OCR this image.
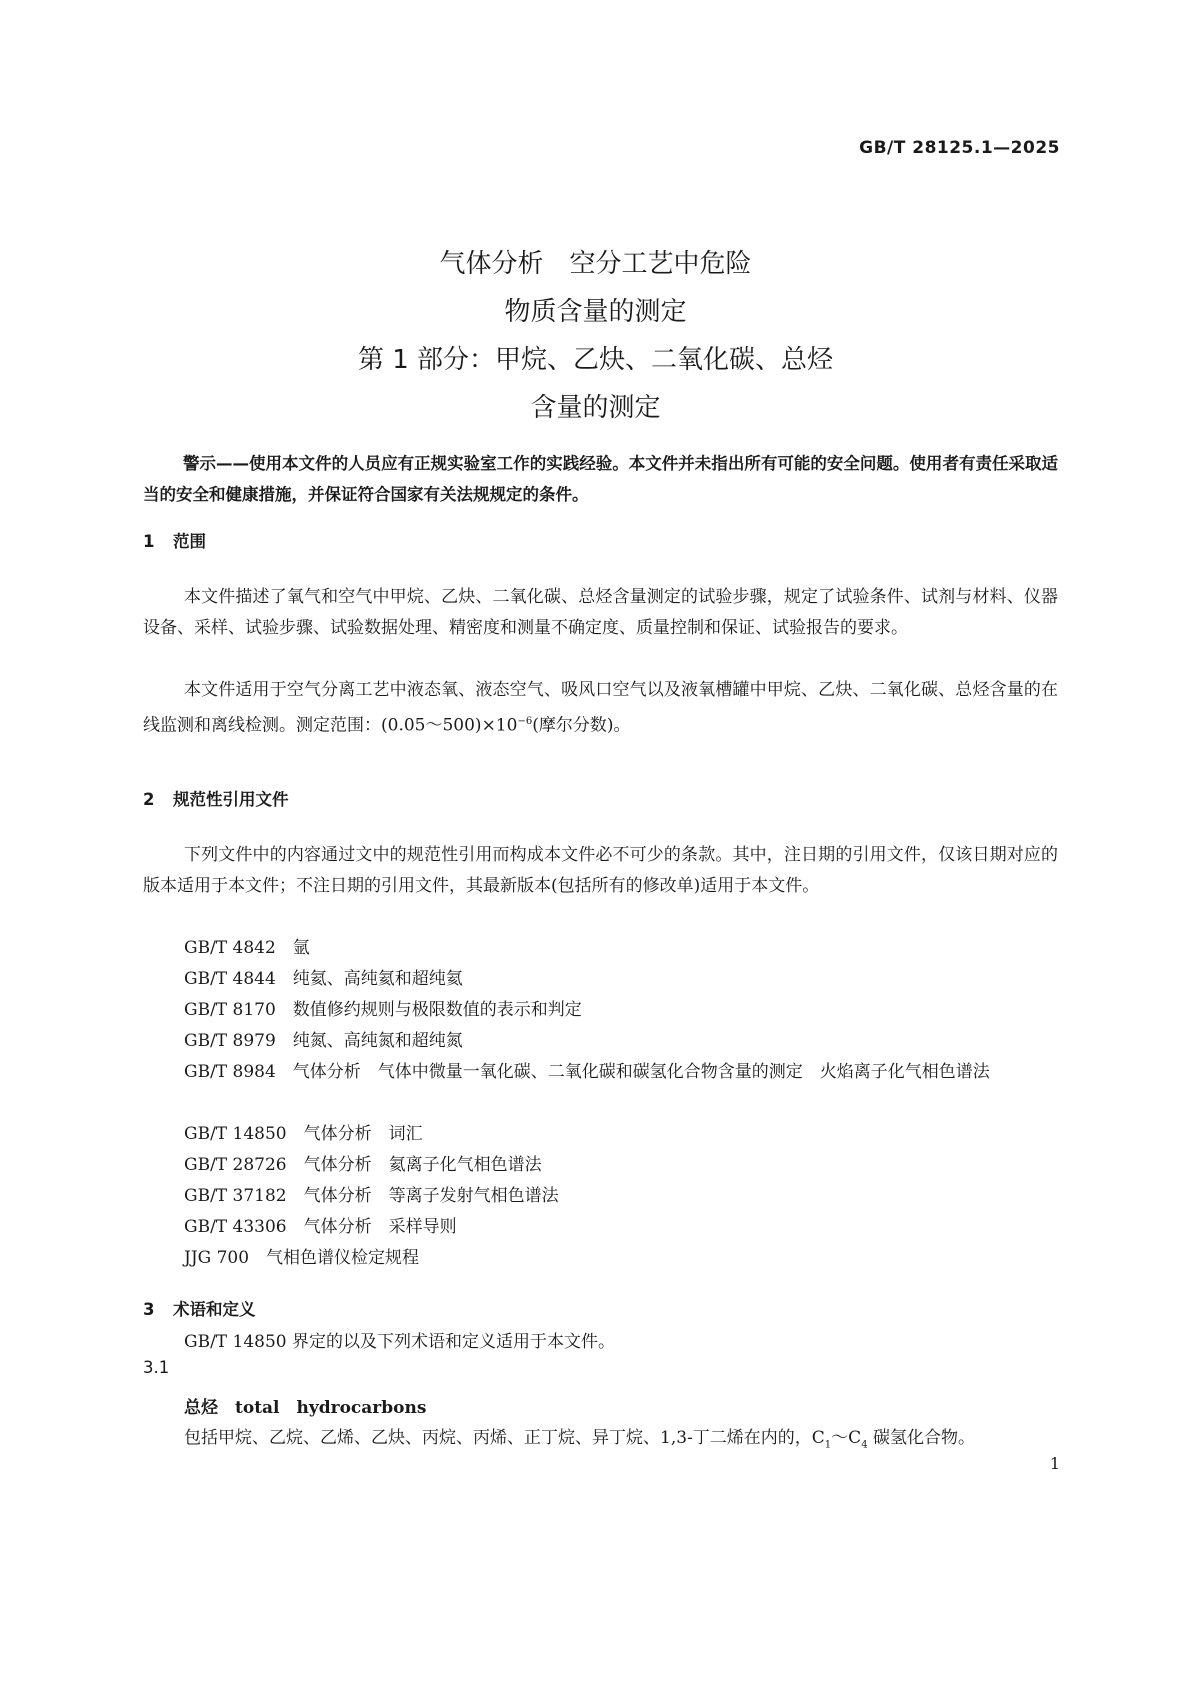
GB/T 28125.1—2025
气体分析　空分工艺中危险
物质含量的测定
第 1 部分：甲烷、乙炔、二氧化碳、总烃
含量的测定
警示——使用本文件的人员应有正规实验室工作的实践经验。本文件并未指出所有可能的安全问题。使用者有责任采取适当的安全和健康措施，并保证符合国家有关法规规定的条件。
1 范围
本文件描述了氧气和空气中甲烷、乙炔、二氧化碳、总烃含量测定的试验步骤，规定了试验条件、试剂与材料、仪器设备、采样、试验步骤、试验数据处理、精密度和测量不确定度、质量控制和保证、试验报告的要求。
本文件适用于空气分离工艺中液态氧、液态空气、吸风口空气以及液氧槽罐中甲烷、乙炔、二氧化碳、总烃含量的在线监测和离线检测。测定范围：$(0.05\sim 500)\times 10^{-6}$(摩尔分数)。
2 规范性引用文件
下列文件中的内容通过文中的规范性引用而构成本文件必不可少的条款。其中，注日期的引用文件，仅该日期对应的版本适用于本文件；不注日期的引用文件，其最新版本(包括所有的修改单)适用于本文件。
GB/T 4842　氩
GB/T 4844　纯氦、高纯氦和超纯氦
GB/T 8170　数值修约规则与极限数值的表示和判定
GB/T 8979　纯氮、高纯氮和超纯氮
GB/T 8984　气体分析　气体中微量一氧化碳、二氧化碳和碳氢化合物含量的测定　火焰离子化气相色谱法
GB/T 14850　气体分析　词汇
GB/T 28726　气体分析　氦离子化气相色谱法
GB/T 37182　气体分析　等离子发射气相色谱法
GB/T 43306　气体分析　采样导则
JJG 700　气相色谱仪检定规程
3 术语和定义
GB/T 14850 界定的以及下列术语和定义适用于本文件。
3.1
总烃　total　hydrocarbons
包括甲烷、乙烷、乙烯、乙炔、丙烷、丙烯、正丁烷、异丁烷、1,3-丁二烯在内的，$C_1\sim C_4$ 碳氢化合物。
1
